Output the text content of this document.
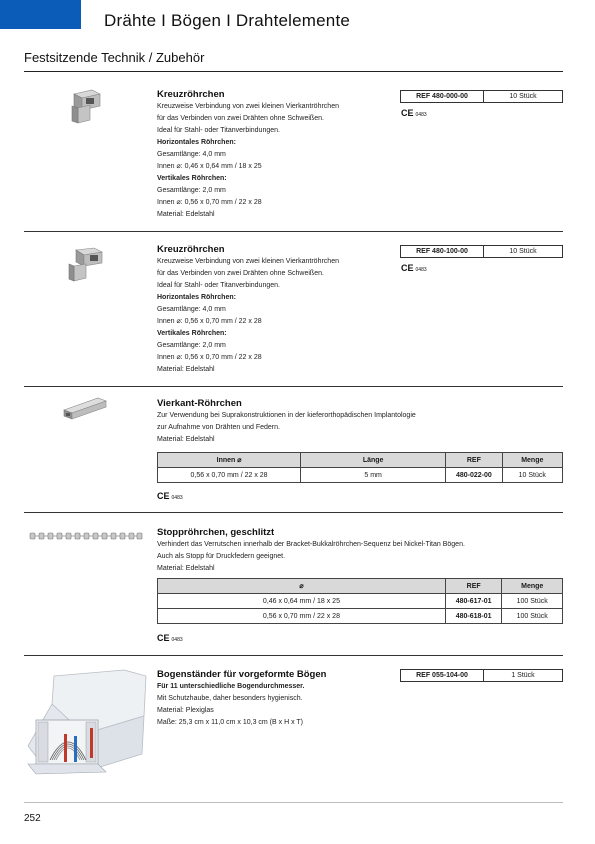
Drähte I Bögen I Drahtelemente
Festsitzende Technik / Zubehör
Kreuzröhrchen
Kreuzweise Verbindung von zwei kleinen Vierkantröhrchen
für das Verbinden von zwei Drähten ohne Schweißen.
Ideal für Stahl- oder Titanverbindungen.
Horizontales Röhrchen:
Gesamtlänge: 4,0 mm
Innen ⌀: 0,46 x 0,64 mm / 18 x 25
Vertikales Röhrchen:
Gesamtlänge: 2,0 mm
Innen ⌀: 0,56 x 0,70 mm / 22 x 28
Material: Edelstahl
REF 480-000-00	10 Stück
CE 0483
Kreuzröhrchen
Kreuzweise Verbindung von zwei kleinen Vierkantröhrchen
für das Verbinden von zwei Drähten ohne Schweißen.
Ideal für Stahl- oder Titanverbindungen.
Horizontales Röhrchen:
Gesamtlänge: 4,0 mm
Innen ⌀: 0,56 x 0,70 mm / 22 x 28
Vertikales Röhrchen:
Gesamtlänge: 2,0 mm
Innen ⌀: 0,56 x 0,70 mm / 22 x 28
Material: Edelstahl
REF 480-100-00	10 Stück
CE 0483
Vierkant-Röhrchen
Zur Verwendung bei Suprakonstruktionen in der kieferorthopädischen Implantologie
zur Aufnahme von Drähten und Federn.
Material: Edelstahl
Innen ⌀	Länge	REF	Menge
0,56 x 0,70 mm / 22 x 28	5 mm	480-022-00	10 Stück
CE 0483
Stoppröhrchen, geschlitzt
Verhindert das Verrutschen innerhalb der Bracket-Bukkalröhrchen-Sequenz bei Nickel-Titan Bögen.
Auch als Stopp für Druckfedern geeignet.
Material: Edelstahl
⌀	REF	Menge
0,46 x 0,64 mm / 18 x 25	480-617-01	100 Stück
0,56 x 0,70 mm / 22 x 28	480-618-01	100 Stück
CE 0483
Bogenständer für vorgeformte Bögen
Für 11 unterschiedliche Bogendurchmesser.
Mit Schutzhaube, daher besonders hygienisch.
Material: Plexiglas
Maße: 25,3 cm x 11,0 cm x 10,3 cm (B x H x T)
REF 055-104-00	1 Stück
252
